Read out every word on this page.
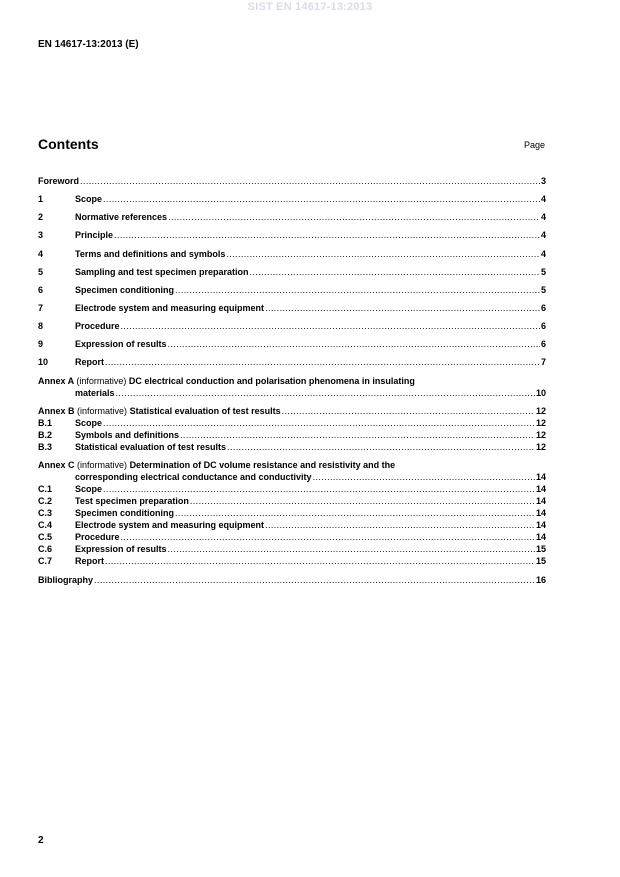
SIST EN 14617-13:2013
EN 14617-13:2013 (E)
Contents	Page
Foreword .....	3
1	Scope .....	4
2	Normative references .....	4
3	Principle .....	4
4	Terms and definitions and symbols .....	4
5	Sampling and test specimen preparation .....	5
6	Specimen conditioning .....	5
7	Electrode system and measuring equipment .....	6
8	Procedure .....	6
9	Expression of results .....	6
10	Report .....	7
Annex A (informative) DC electrical conduction and polarisation phenomena in insulating
materials .....	10
Annex B (informative) Statistical evaluation of test results .....	12
B.1	Scope .....	12
B.2	Symbols and definitions .....	12
B.3	Statistical evaluation of test results .....	12
Annex C (informative) Determination of DC volume resistance and resistivity and the
corresponding electrical conductance and conductivity .....	14
C.1	Scope .....	14
C.2	Test specimen preparation .....	14
C.3	Specimen conditioning .....	14
C.4	Electrode system and measuring equipment .....	14
C.5	Procedure .....	14
C.6	Expression of results .....	15
C.7	Report .....	15
Bibliography .....	16
2
